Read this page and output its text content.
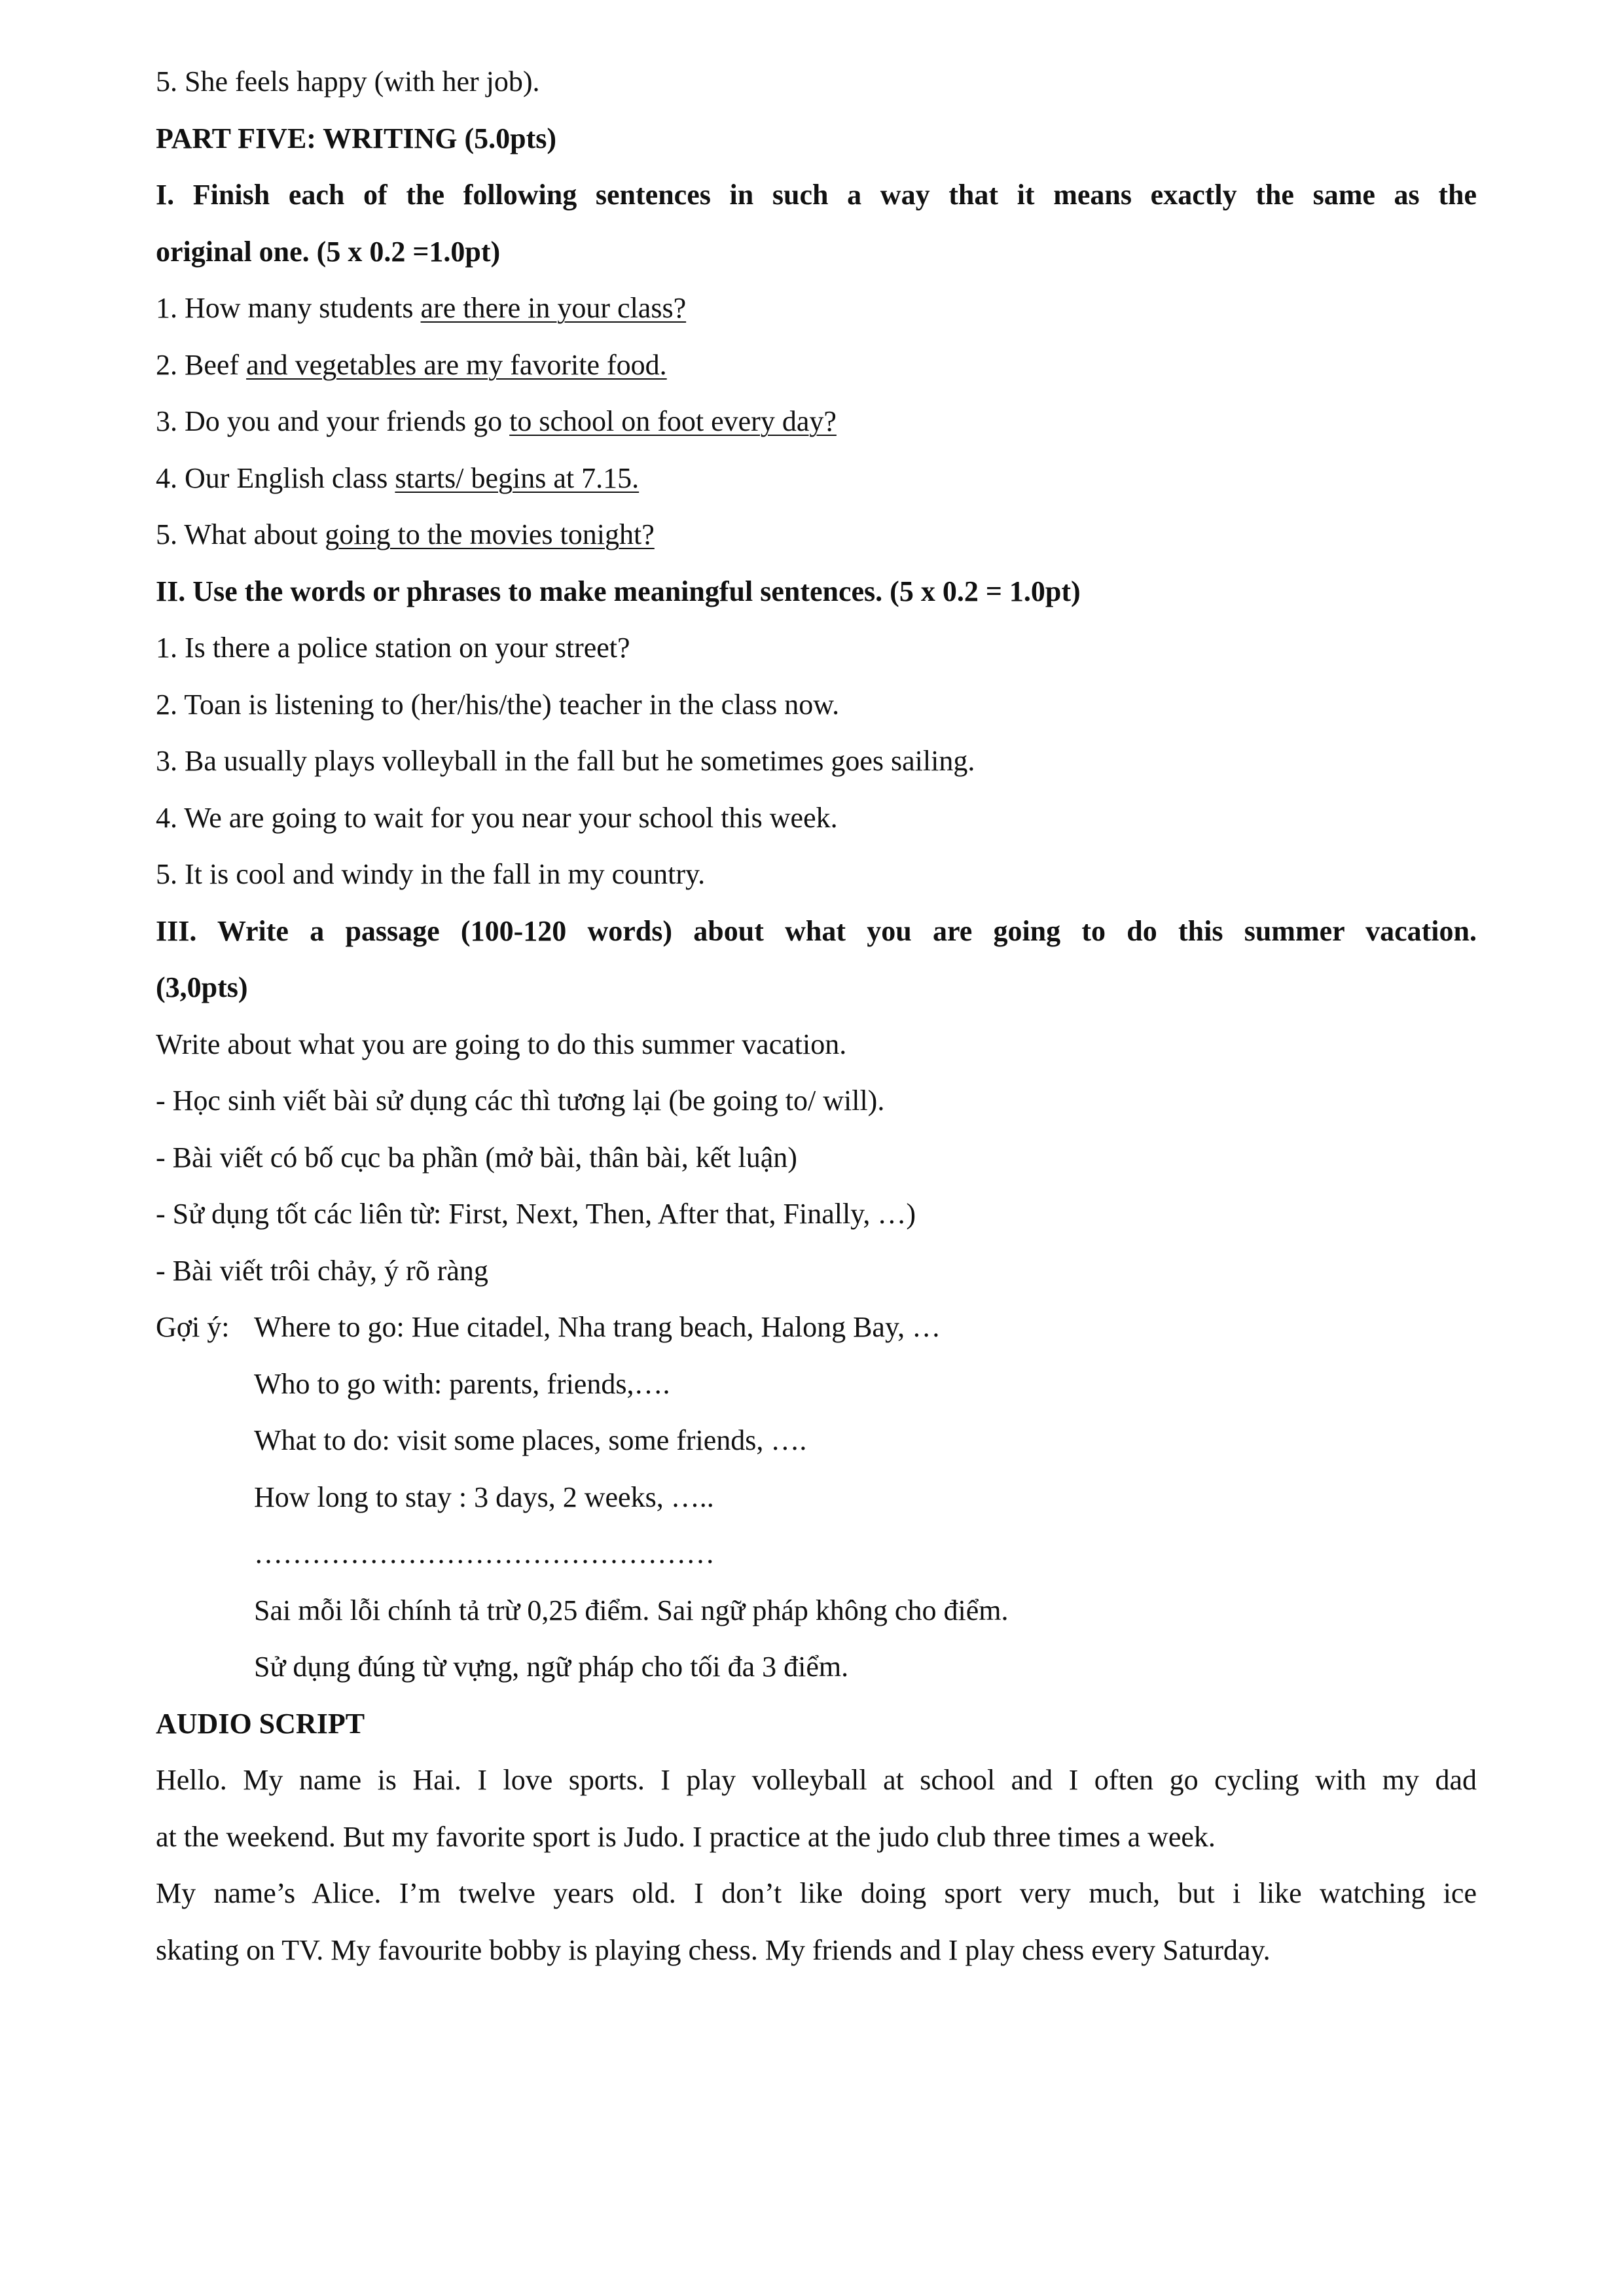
5. She feels happy (with her job).
PART FIVE: WRITING (5.0pts)
I. Finish each of the following sentences in such a way that it means exactly the same as the
original one. (5 x 0.2 =1.0pt)
1. How many students are there in your class?
2. Beef and vegetables are my favorite food.
3. Do you and your friends go to school on foot every day?
4. Our English class starts/ begins at 7.15.
5. What about going to the movies tonight?
II. Use the words or phrases to make meaningful sentences. (5 x 0.2 = 1.0pt)
1. Is there a police station on your street?
2. Toan is listening to (her/his/the) teacher in the class now.
3. Ba usually plays volleyball in the fall but he sometimes goes sailing.
4. We are going to wait for you near your school this week.
5. It is cool and windy in the fall in my country.
III. Write a passage (100-120 words) about what you are going to do this summer vacation.
(3,0pts)
Write about what you are going to do this summer vacation.
- Học sinh viết bài sử dụng các thì tương lại (be going to/ will).
- Bài viết có bố cục ba phần (mở bài, thân bài, kết luận)
- Sử dụng tốt các liên từ: First, Next, Then, After that, Finally, …)
- Bài viết trôi chảy, ý rõ ràng
Gợi ý: Where to go: Hue citadel, Nha trang beach, Halong Bay, …
Who to go with: parents, friends,….
What to do: visit some places, some friends, ….
How long to stay : 3 days, 2 weeks, …..
…………………………………………
Sai mỗi lỗi chính tả trừ 0,25 điểm. Sai ngữ pháp không cho điểm.
Sử dụng đúng từ vựng, ngữ pháp cho tối đa 3 điểm.
AUDIO SCRIPT
Hello. My name is Hai. I love sports. I play volleyball at school and I often go cycling with my dad
at the weekend. But my favorite sport is Judo. I practice at the judo club three times a week.
My name’s Alice. I’m twelve years old. I don’t like doing sport very much, but i like watching ice
skating on TV. My favourite bobby is playing chess. My friends and I play chess every Saturday.
